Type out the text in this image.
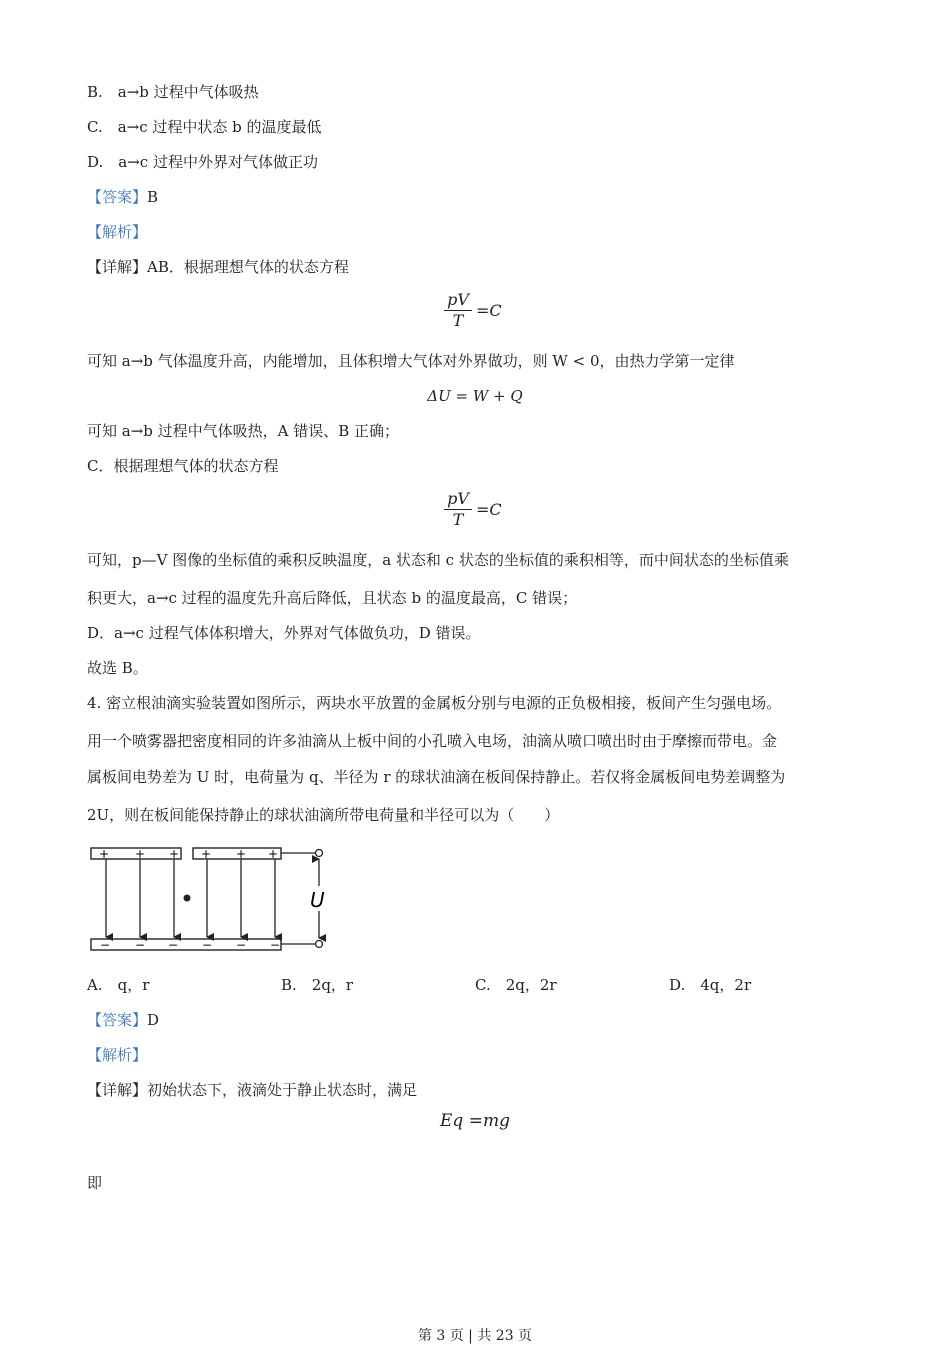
B.　a→b 过程中气体吸热
C.　a→c 过程中状态 b 的温度最低
D.　a→c 过程中外界对气体做正功
【答案】B
【解析】
【详解】AB．根据理想气体的状态方程
$\frac{pV}{T} =C$
可知 a→b 气体温度升高，内能增加，且体积增大气体对外界做功，则 W < 0，由热力学第一定律
ΔU = W + Q
可知 a→b 过程中气体吸热，A 错误、B 正确；
C．根据理想气体的状态方程
$\frac{pV}{T} =C$
可知，p—V 图像的坐标值的乘积反映温度，a 状态和 c 状态的坐标值的乘积相等，而中间状态的坐标值乘
积更大，a→c 过程的温度先升高后降低，且状态 b 的温度最高，C 错误；
D．a→c 过程气体体积增大，外界对气体做负功，D 错误。
故选 B。
4. 密立根油滴实验装置如图所示，两块水平放置的金属板分别与电源的正负极相接，板间产生匀强电场。
用一个喷雾器把密度相同的许多油滴从上板中间的小孔喷入电场，油滴从喷口喷出时由于摩擦而带电。金
属板间电势差为 U 时，电荷量为 q、半径为 r 的球状油滴在板间保持静止。若仅将金属板间电势差调整为
2U，则在板间能保持静止的球状油滴所带电荷量和半径可以为（　　）
+ + + + + +
− − − − − −
U
A.　q，r	B.　2q，r	C.　2q，2r	D.　4q，2r
【答案】D
【解析】
【详解】初始状态下，液滴处于静止状态时，满足
Eq =mg
即
第 3 页 | 共 23 页
